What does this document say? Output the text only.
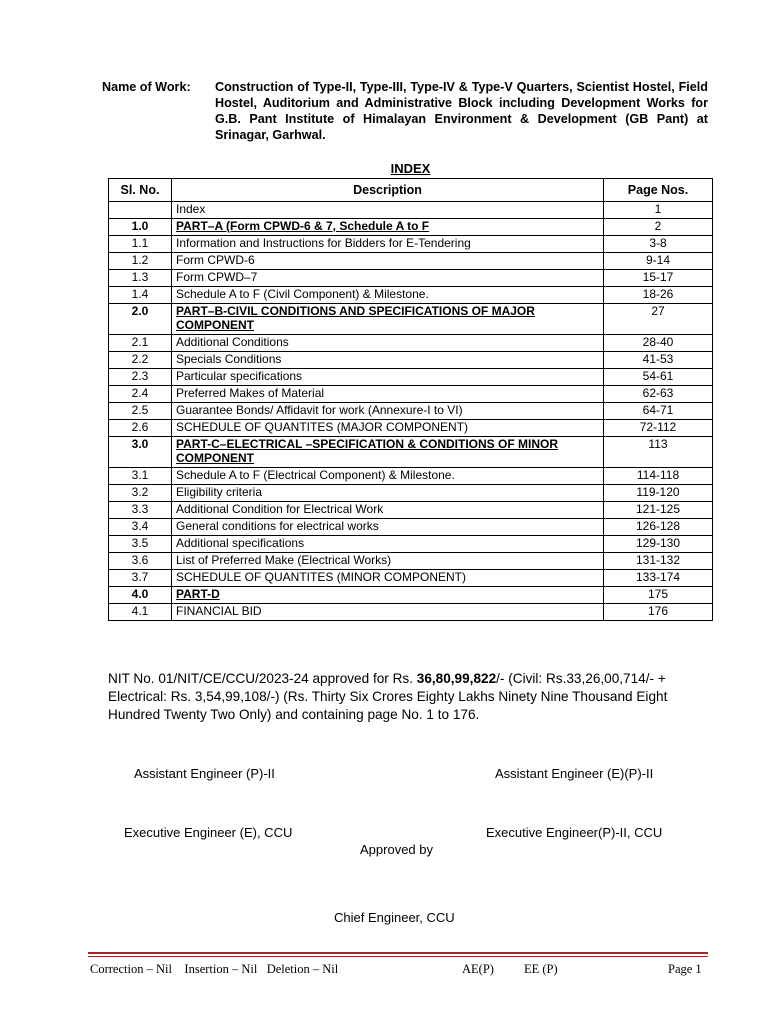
Name of Work:	Construction of Type-II, Type-III, Type-IV & Type-V Quarters, Scientist Hostel, Field Hostel, Auditorium and Administrative Block including Development Works for G.B. Pant Institute of Himalayan Environment & Development (GB Pant) at Srinagar, Garhwal.
INDEX
Sl. No.	Description	Page Nos.
	Index	1
1.0	PART–A (Form CPWD-6 & 7, Schedule A to F	2
1.1	Information and Instructions for Bidders for E-Tendering	3-8
1.2	Form CPWD-6	9-14
1.3	Form CPWD–7	15-17
1.4	Schedule A to F (Civil Component) & Milestone.	18-26
2.0	PART–B-CIVIL CONDITIONS AND SPECIFICATIONS OF MAJOR COMPONENT	27
2.1	Additional Conditions	28-40
2.2	Specials Conditions	41-53
2.3	Particular specifications	54-61
2.4	Preferred Makes of Material	62-63
2.5	Guarantee Bonds/ Affidavit for work (Annexure-I to VI)	64-71
2.6	SCHEDULE OF QUANTITES (MAJOR COMPONENT)	72-112
3.0	PART-C–ELECTRICAL –SPECIFICATION & CONDITIONS OF MINOR COMPONENT	113
3.1	Schedule A to F (Electrical Component) & Milestone.	114-118
3.2	Eligibility criteria	119-120
3.3	Additional Condition for Electrical Work	121-125
3.4	General conditions for electrical works	126-128
3.5	Additional specifications	129-130
3.6	List of Preferred Make (Electrical Works)	131-132
3.7	SCHEDULE OF QUANTITES (MINOR COMPONENT)	133-174
4.0	PART-D	175
4.1	FINANCIAL BID	176
NIT No. 01/NIT/CE/CCU/2023-24 approved for Rs. 36,80,99,822/- (Civil: Rs.33,26,00,714/- + Electrical: Rs. 3,54,99,108/-) (Rs. Thirty Six Crores Eighty Lakhs Ninety Nine Thousand Eight Hundred Twenty Two Only) and containing page No. 1 to 176.
Assistant Engineer (P)-II	Assistant Engineer (E)(P)-II
Executive Engineer (E), CCU	Executive Engineer(P)-II, CCU
Approved by
Chief Engineer, CCU
Correction – Nil    Insertion – Nil   Deletion – Nil	AE(P) EE (P)	Page 1
